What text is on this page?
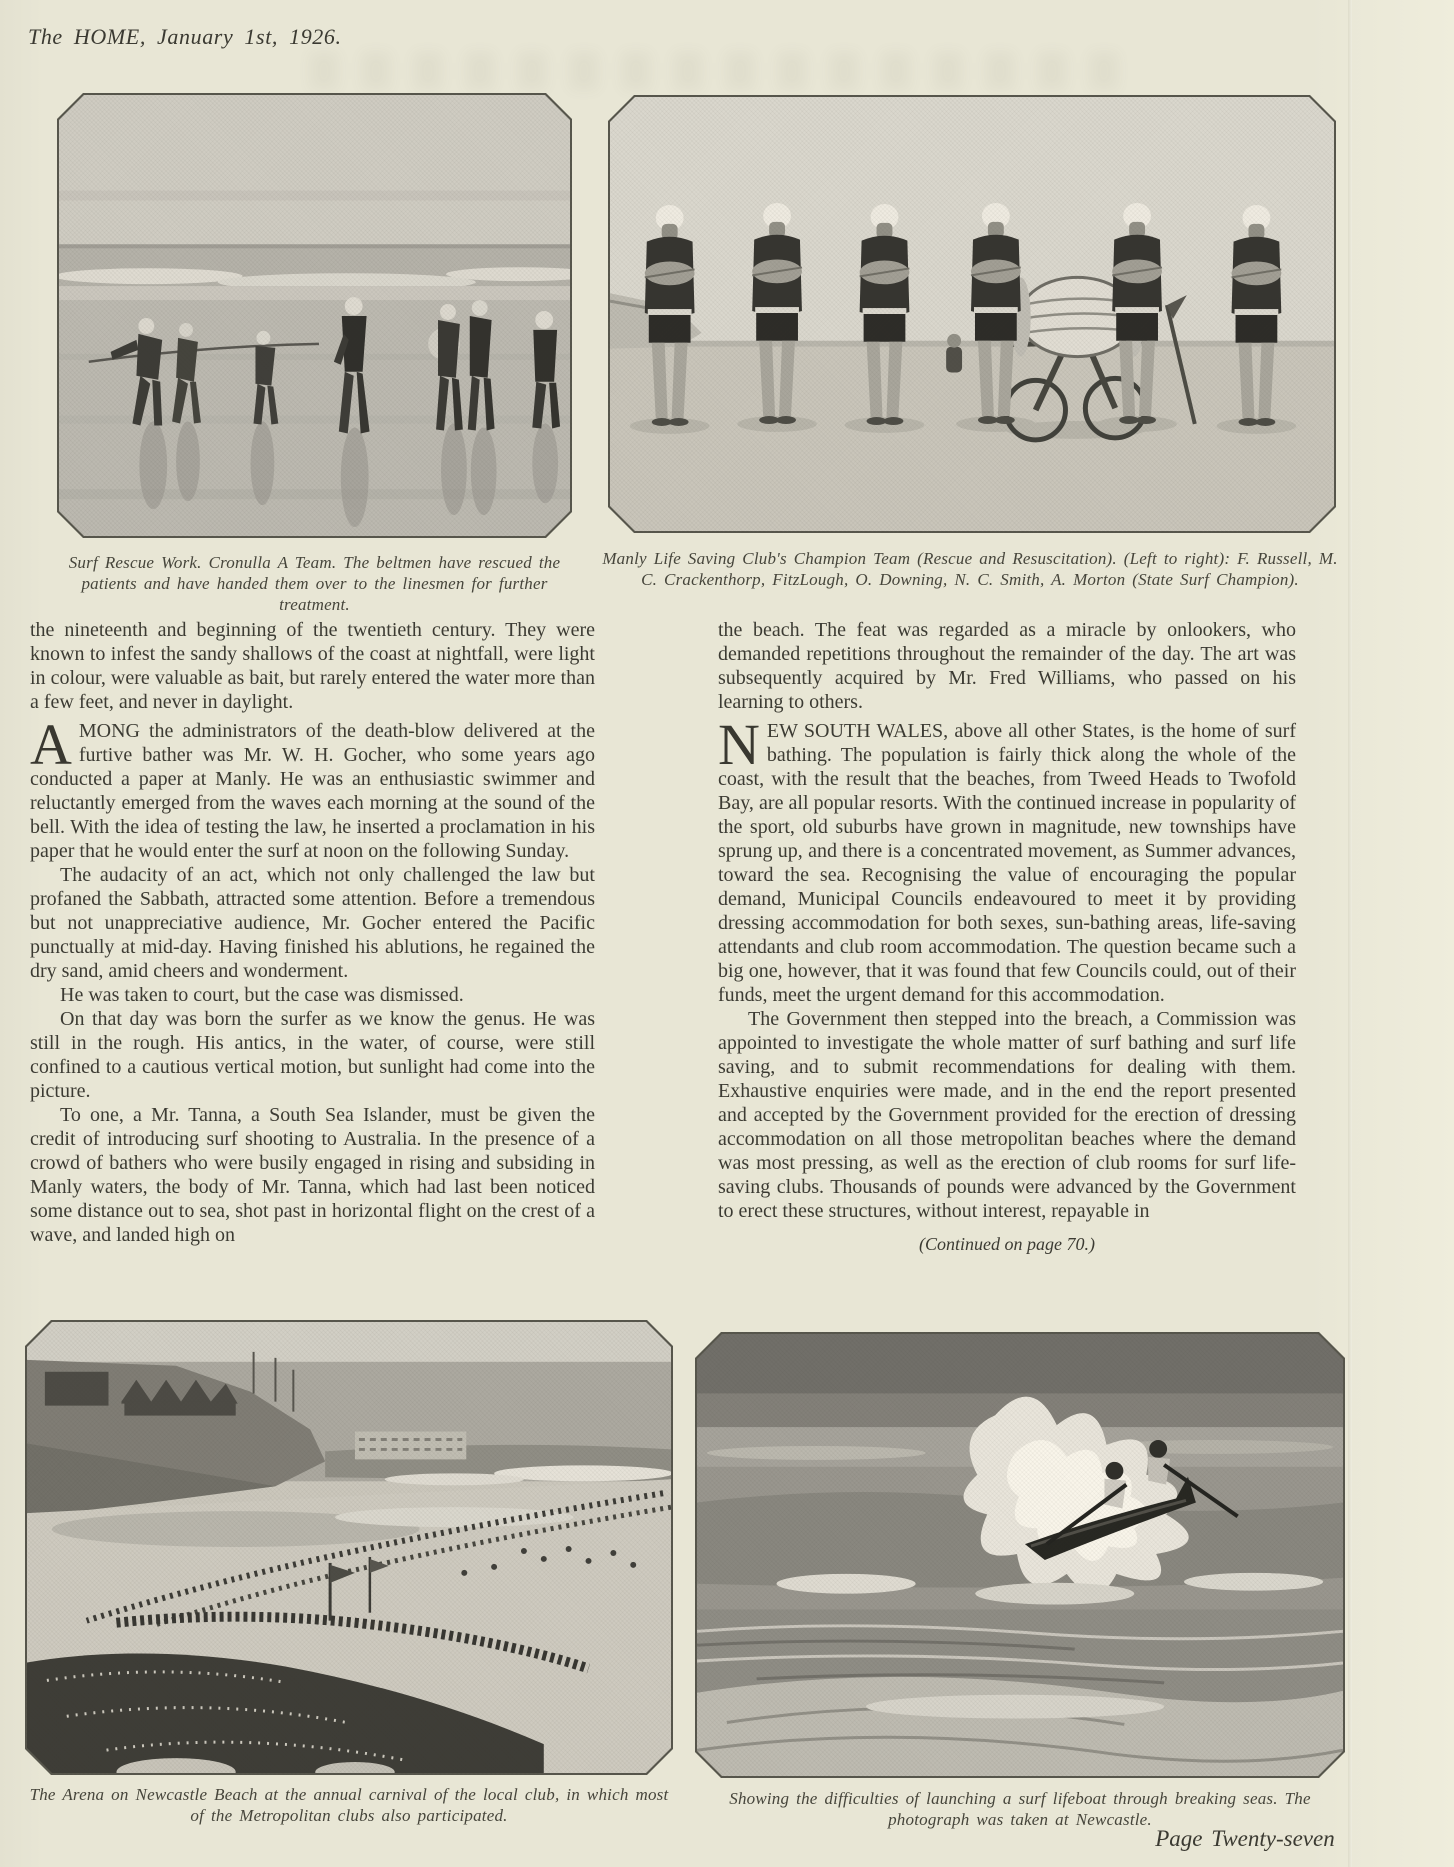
The HOME, January 1st, 1926.
Surf Rescue Work. Cronulla A Team. The beltmen have rescued the patients and have handed them over to the linesmen for further treatment.
Manly Life Saving Club's Champion Team (Rescue and Resuscitation). (Left to right): F. Russell, M. C. Crackenthorp, FitzLough, O. Downing, N. C. Smith, A. Morton (State Surf Champion).

the nineteenth and beginning of the twentieth century. They were known to infest the sandy shallows of the coast at nightfall, were light in colour, were valuable as bait, but rarely entered the water more than a few feet, and never in daylight.

AMONG the administrators of the death-blow delivered at the furtive bather was Mr. W. H. Gocher, who some years ago conducted a paper at Manly. He was an enthusiastic swimmer and reluctantly emerged from the waves each morning at the sound of the bell. With the idea of testing the law, he inserted a proclamation in his paper that he would enter the surf at noon on the following Sunday.

The audacity of an act, which not only challenged the law but profaned the Sabbath, attracted some attention. Before a tremendous but not unappreciative audience, Mr. Gocher entered the Pacific punctually at mid-day. Having finished his ablutions, he regained the dry sand, amid cheers and wonderment.

He was taken to court, but the case was dismissed.

On that day was born the surfer as we know the genus. He was still in the rough. His antics, in the water, of course, were still confined to a cautious vertical motion, but sunlight had come into the picture.

To one, a Mr. Tanna, a South Sea Islander, must be given the credit of introducing surf shooting to Australia. In the presence of a crowd of bathers who were busily engaged in rising and subsiding in Manly waters, the body of Mr. Tanna, which had last been noticed some distance out to sea, shot past in horizontal flight on the crest of a wave, and landed high on

the beach. The feat was regarded as a miracle by onlookers, who demanded repetitions throughout the remainder of the day. The art was subsequently acquired by Mr. Fred Williams, who passed on his learning to others.

NEW SOUTH WALES, above all other States, is the home of surf bathing. The population is fairly thick along the whole of the coast, with the result that the beaches, from Tweed Heads to Twofold Bay, are all popular resorts. With the continued increase in popularity of the sport, old suburbs have grown in magnitude, new townships have sprung up, and there is a concentrated movement, as Summer advances, toward the sea. Recognising the value of encouraging the popular demand, Municipal Councils endeavoured to meet it by providing dressing accommodation for both sexes, sun-bathing areas, life-saving attendants and club room accommodation. The question became such a big one, however, that it was found that few Councils could, out of their funds, meet the urgent demand for this accommodation.

The Government then stepped into the breach, a Commission was appointed to investigate the whole matter of surf bathing and surf life saving, and to submit recommendations for dealing with them. Exhaustive enquiries were made, and in the end the report presented and accepted by the Government provided for the erection of dressing accommodation on all those metropolitan beaches where the demand was most pressing, as well as the erection of club rooms for surf life-saving clubs. Thousands of pounds were advanced by the Government to erect these structures, without interest, repayable in

(Continued on page 70.)
The Arena on Newcastle Beach at the annual carnival of the local club, in which most of the Metropolitan clubs also participated.
Showing the difficulties of launching a surf lifeboat through breaking seas. The photograph was taken at Newcastle.
Page Twenty-seven
